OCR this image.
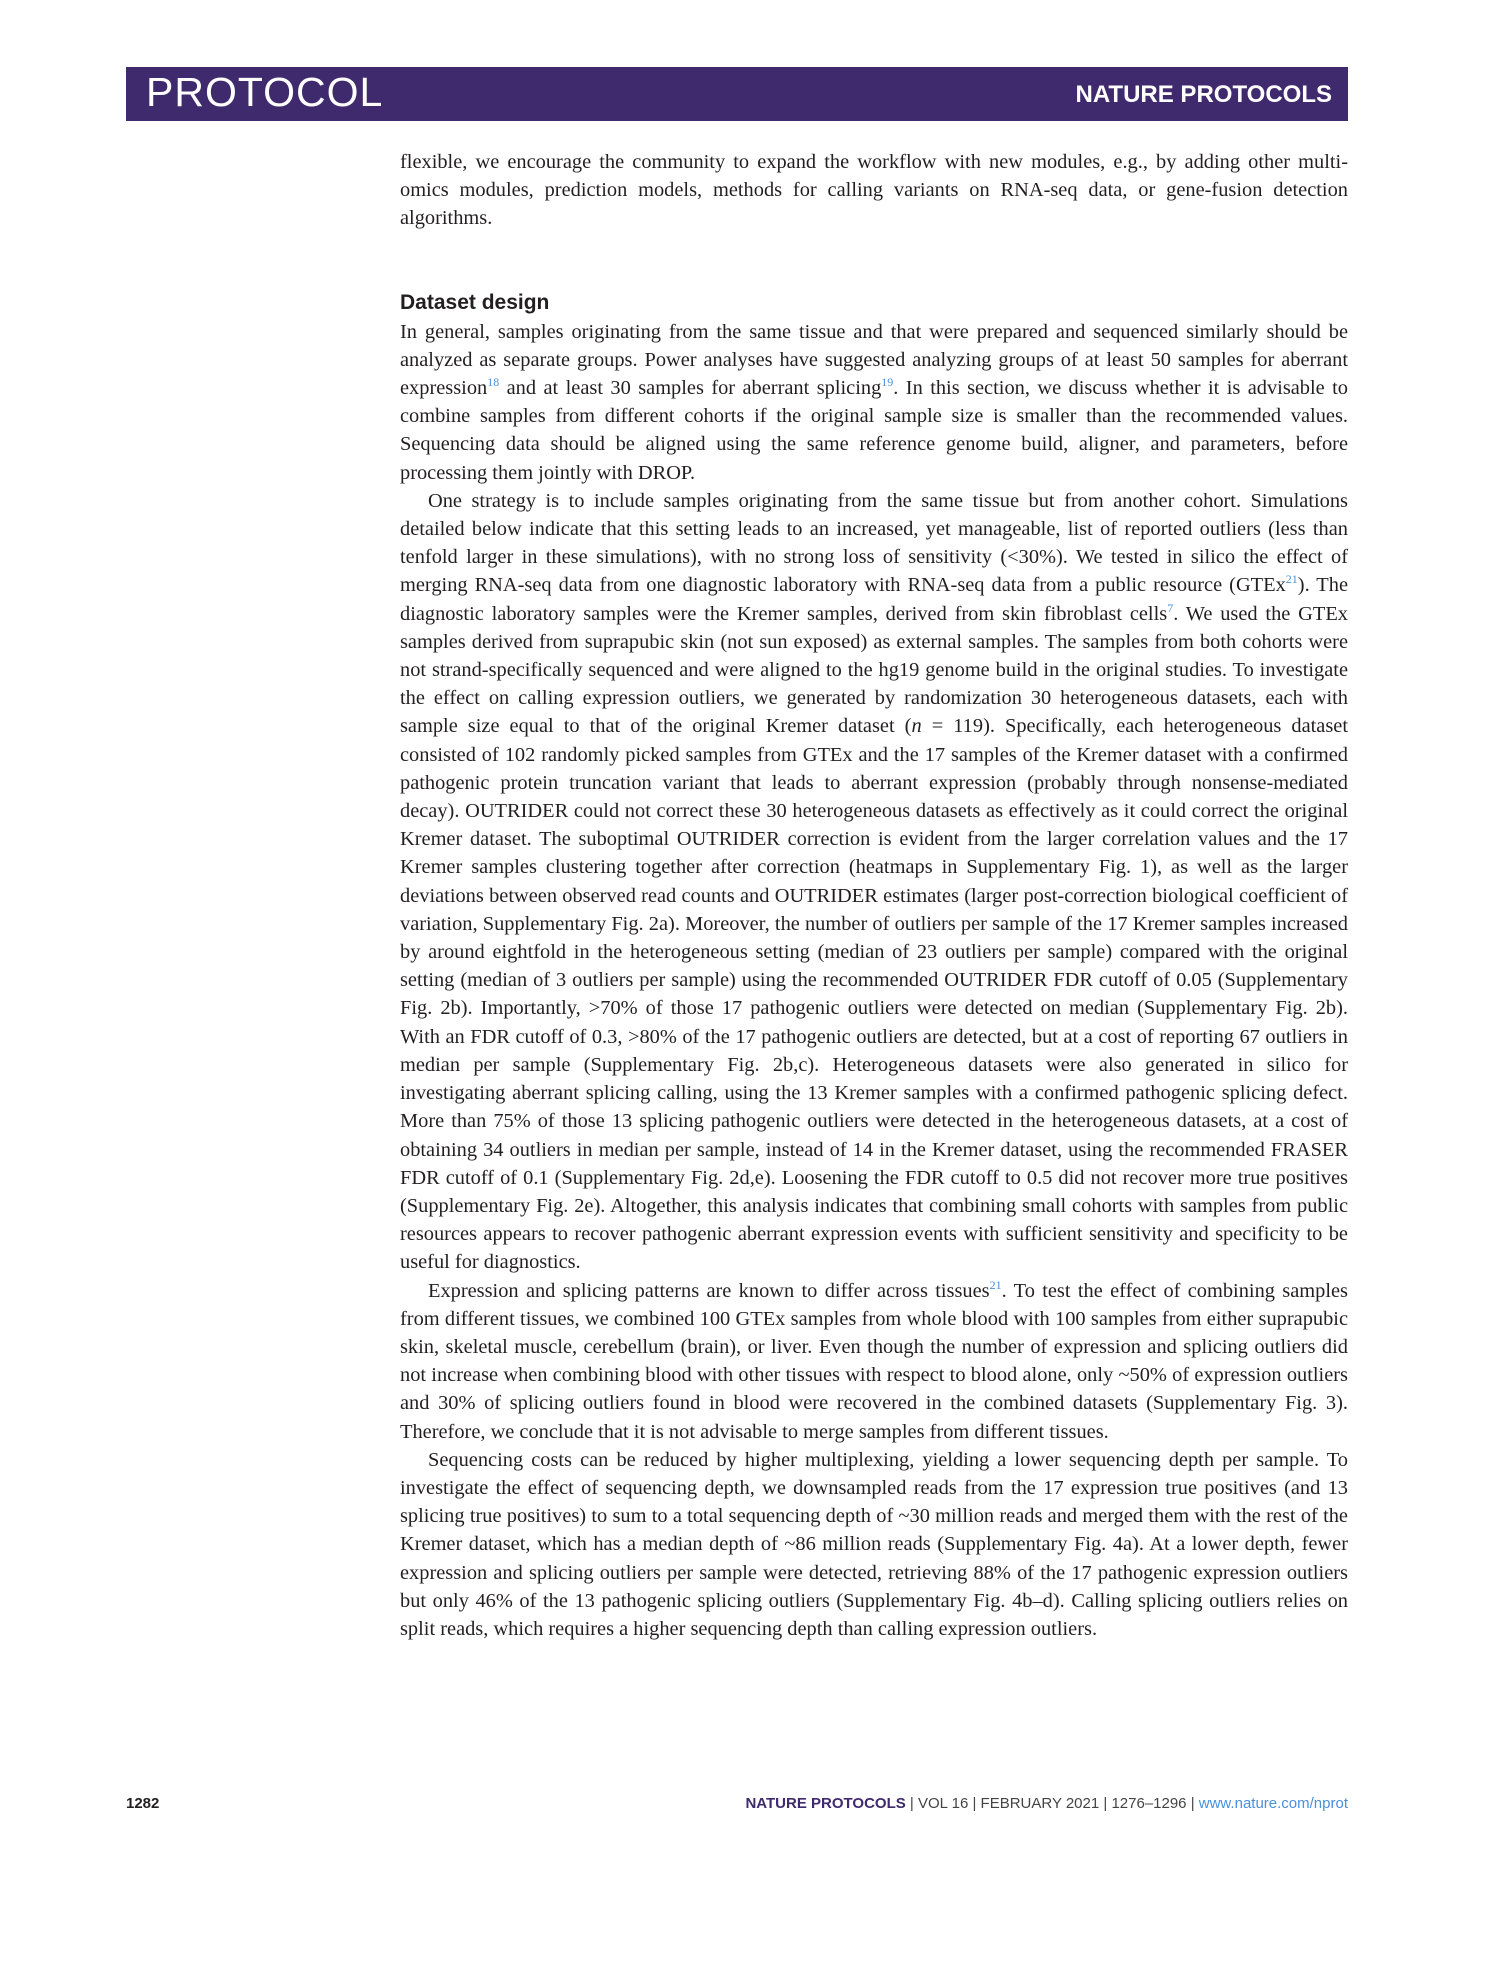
PROTOCOL	NATURE PROTOCOLS

flexible, we encourage the community to expand the workflow with new modules, e.g., by adding other multi-omics modules, prediction models, methods for calling variants on RNA-seq data, or gene-fusion detection algorithms.

Dataset design

In general, samples originating from the same tissue and that were prepared and sequenced similarly should be analyzed as separate groups. Power analyses have suggested analyzing groups of at least 50 samples for aberrant expression$^{18}$ and at least 30 samples for aberrant splicing$^{19}$. In this section, we discuss whether it is advisable to combine samples from different cohorts if the original sample size is smaller than the recommended values. Sequencing data should be aligned using the same reference genome build, aligner, and parameters, before processing them jointly with DROP.

One strategy is to include samples originating from the same tissue but from another cohort. Simulations detailed below indicate that this setting leads to an increased, yet manageable, list of reported outliers (less than tenfold larger in these simulations), with no strong loss of sensitivity (<30%). We tested in silico the effect of merging RNA-seq data from one diagnostic laboratory with RNA-seq data from a public resource (GTEx$^{21}$). The diagnostic laboratory samples were the Kremer samples, derived from skin fibroblast cells$^7$. We used the GTEx samples derived from suprapubic skin (not sun exposed) as external samples. The samples from both cohorts were not strand-specifically sequenced and were aligned to the hg19 genome build in the original studies. To investigate the effect on calling expression outliers, we generated by randomization 30 heterogeneous datasets, each with sample size equal to that of the original Kremer dataset (n = 119). Specifically, each heterogeneous dataset consisted of 102 randomly picked samples from GTEx and the 17 samples of the Kremer dataset with a confirmed pathogenic protein truncation variant that leads to aberrant expression (probably through nonsense-mediated decay). OUTRIDER could not correct these 30 heterogeneous datasets as effectively as it could correct the original Kremer dataset. The suboptimal OUTRIDER correction is evident from the larger correlation values and the 17 Kremer samples clustering together after correction (heatmaps in Supplementary Fig. 1), as well as the larger deviations between observed read counts and OUTRIDER estimates (larger post-correction biological coefficient of variation, Supplementary Fig. 2a). Moreover, the number of outliers per sample of the 17 Kremer samples increased by around eightfold in the heterogeneous setting (median of 23 outliers per sample) compared with the original setting (median of 3 outliers per sample) using the recommended OUTRIDER FDR cutoff of 0.05 (Supplementary Fig. 2b). Importantly, >70% of those 17 pathogenic outliers were detected on median (Supplementary Fig. 2b). With an FDR cutoff of 0.3, >80% of the 17 pathogenic outliers are detected, but at a cost of reporting 67 outliers in median per sample (Supplementary Fig. 2b,c). Heterogeneous datasets were also generated in silico for investigating aberrant splicing calling, using the 13 Kremer samples with a confirmed pathogenic splicing defect. More than 75% of those 13 splicing pathogenic outliers were detected in the heterogeneous datasets, at a cost of obtaining 34 outliers in median per sample, instead of 14 in the Kremer dataset, using the recommended FRASER FDR cutoff of 0.1 (Supplementary Fig. 2d,e). Loosening the FDR cutoff to 0.5 did not recover more true positives (Supplementary Fig. 2e). Altogether, this analysis indicates that combining small cohorts with samples from public resources appears to recover pathogenic aberrant expression events with sufficient sensitivity and specificity to be useful for diagnostics.

Expression and splicing patterns are known to differ across tissues$^{21}$. To test the effect of combining samples from different tissues, we combined 100 GTEx samples from whole blood with 100 samples from either suprapubic skin, skeletal muscle, cerebellum (brain), or liver. Even though the number of expression and splicing outliers did not increase when combining blood with other tissues with respect to blood alone, only ~50% of expression outliers and 30% of splicing outliers found in blood were recovered in the combined datasets (Supplementary Fig. 3). Therefore, we conclude that it is not advisable to merge samples from different tissues.

Sequencing costs can be reduced by higher multiplexing, yielding a lower sequencing depth per sample. To investigate the effect of sequencing depth, we downsampled reads from the 17 expression true positives (and 13 splicing true positives) to sum to a total sequencing depth of ~30 million reads and merged them with the rest of the Kremer dataset, which has a median depth of ~86 million reads (Supplementary Fig. 4a). At a lower depth, fewer expression and splicing outliers per sample were detected, retrieving 88% of the 17 pathogenic expression outliers but only 46% of the 13 pathogenic splicing outliers (Supplementary Fig. 4b–d). Calling splicing outliers relies on split reads, which requires a higher sequencing depth than calling expression outliers.

1282	NATURE PROTOCOLS | VOL 16 | FEBRUARY 2021 | 1276–1296 | www.nature.com/nprot
